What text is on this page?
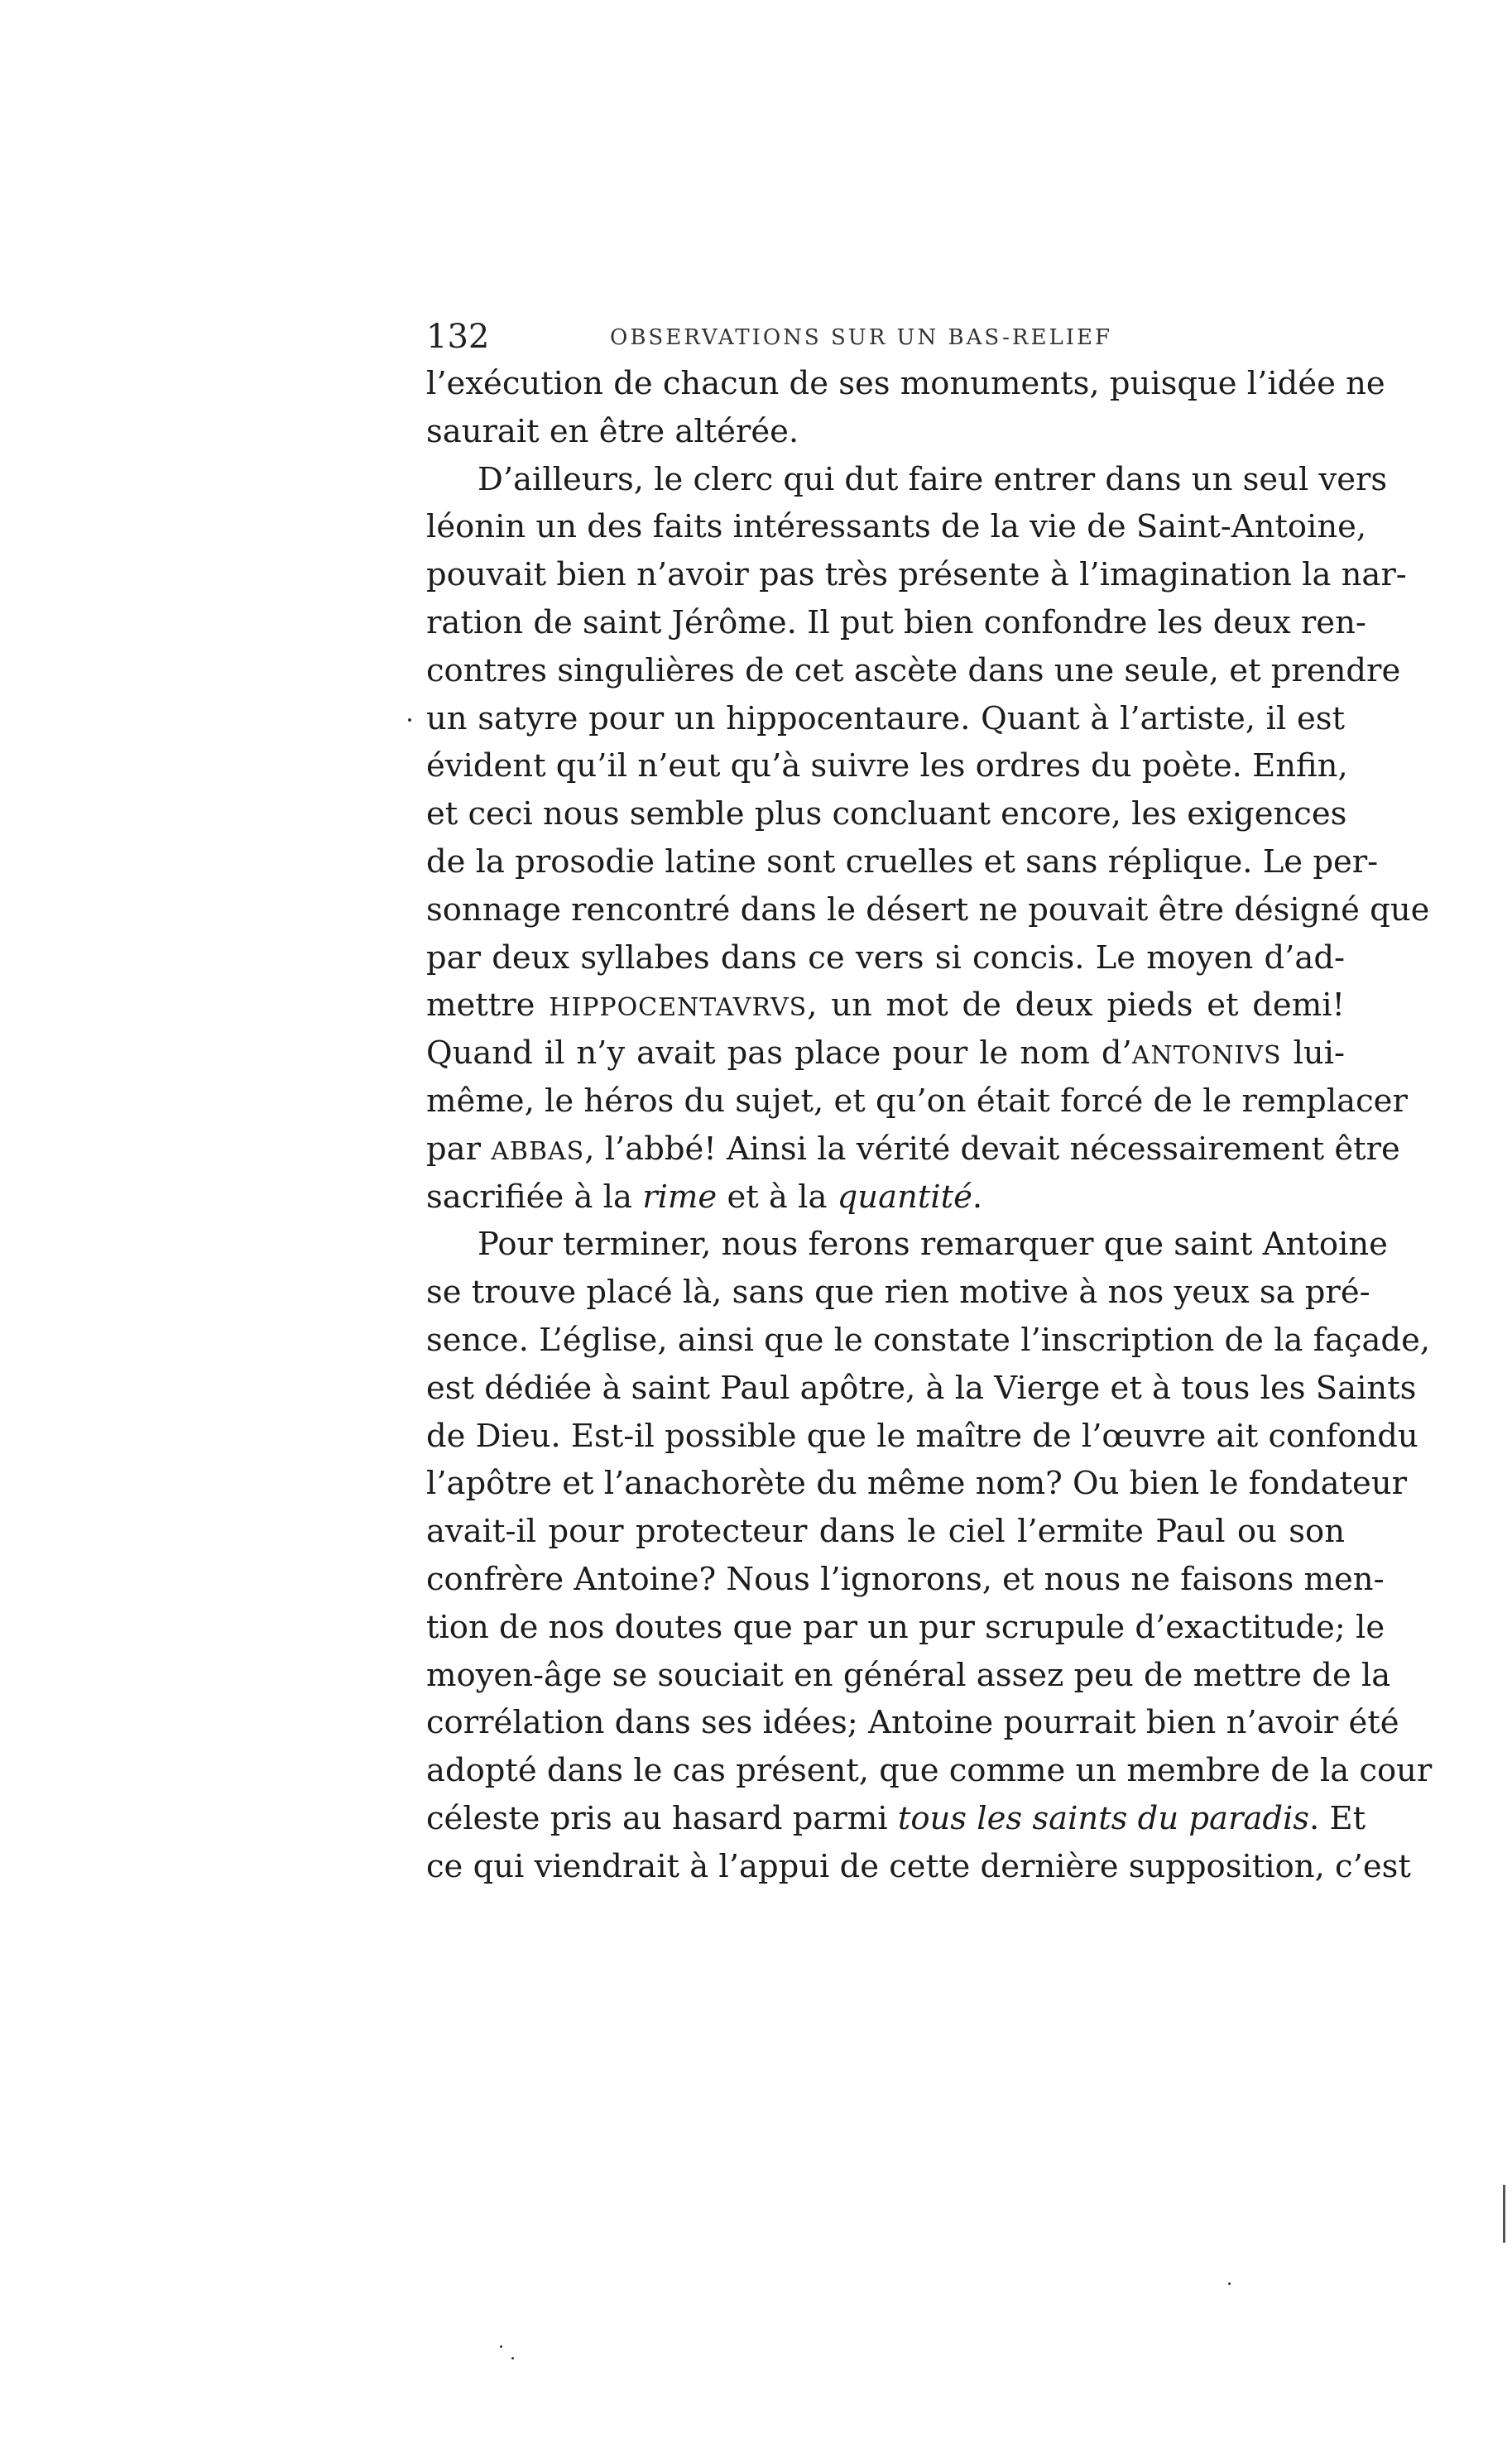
132	OBSERVATIONS SUR UN BAS-RELIEF
l’exécution de chacun de ses monuments, puisque l’idée ne
saurait en être altérée.
D’ailleurs, le clerc qui dut faire entrer dans un seul vers
léonin un des faits intéressants de la vie de Saint-Antoine,
pouvait bien n’avoir pas très présente à l’imagination la nar-
ration de saint Jérôme. Il put bien confondre les deux ren-
contres singulières de cet ascète dans une seule, et prendre
un satyre pour un hippocentaure. Quant à l’artiste, il est
évident qu’il n’eut qu’à suivre les ordres du poète. Enfin,
et ceci nous semble plus concluant encore, les exigences
de la prosodie latine sont cruelles et sans réplique. Le per-
sonnage rencontré dans le désert ne pouvait être désigné que
par deux syllabes dans ce vers si concis. Le moyen d’ad-
mettre HIPPOCENTAVRVS, un mot de deux pieds et demi!
Quand il n’y avait pas place pour le nom d’ANTONIVS lui-
même, le héros du sujet, et qu’on était forcé de le remplacer
par ABBAS, l’abbé! Ainsi la vérité devait nécessairement être
sacrifiée à la rime et à la quantité.
Pour terminer, nous ferons remarquer que saint Antoine
se trouve placé là, sans que rien motive à nos yeux sa pré-
sence. L’église, ainsi que le constate l’inscription de la façade,
est dédiée à saint Paul apôtre, à la Vierge et à tous les Saints
de Dieu. Est-il possible que le maître de l’œuvre ait confondu
l’apôtre et l’anachorète du même nom? Ou bien le fondateur
avait-il pour protecteur dans le ciel l’ermite Paul ou son
confrère Antoine? Nous l’ignorons, et nous ne faisons men-
tion de nos doutes que par un pur scrupule d’exactitude; le
moyen-âge se souciait en général assez peu de mettre de la
corrélation dans ses idées; Antoine pourrait bien n’avoir été
adopté dans le cas présent, que comme un membre de la cour
céleste pris au hasard parmi tous les saints du paradis. Et
ce qui viendrait à l’appui de cette dernière supposition, c’est
